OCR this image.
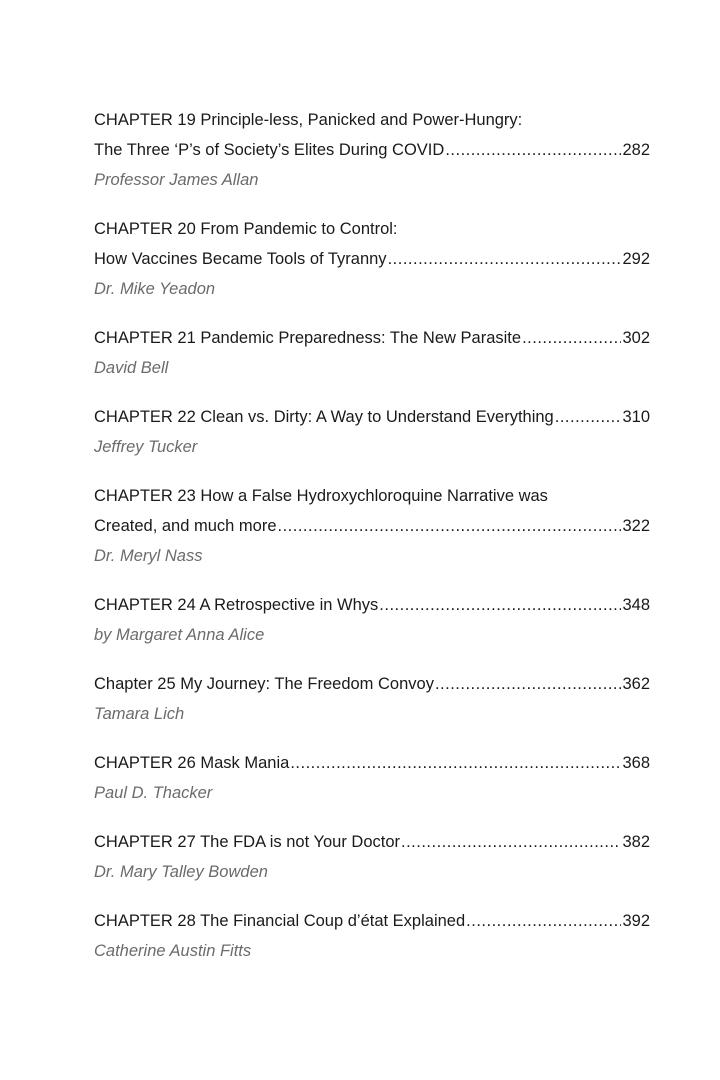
CHAPTER 19 Principle-less, Panicked and Power-Hungry:
The Three ‘P’s of Society’s Elites During COVID .....	282
Professor James Allan
CHAPTER 20 From Pandemic to Control:
How Vaccines Became Tools of Tyranny .....	292
Dr. Mike Yeadon
CHAPTER 21 Pandemic Preparedness: The New Parasite .....	302
David Bell
CHAPTER 22 Clean vs. Dirty: A Way to Understand Everything .....	310
Jeffrey Tucker
CHAPTER 23 How a False Hydroxychloroquine Narrative was
Created, and much more .....	322
Dr. Meryl Nass
CHAPTER 24 A Retrospective in Whys .....	348
by Margaret Anna Alice
Chapter 25 My Journey: The Freedom Convoy .....	362
Tamara Lich
CHAPTER 26 Mask Mania .....	368
Paul D. Thacker
CHAPTER 27 The FDA is not Your Doctor .....	382
Dr. Mary Talley Bowden
CHAPTER 28 The Financial Coup d’état Explained .....	392
Catherine Austin Fitts
